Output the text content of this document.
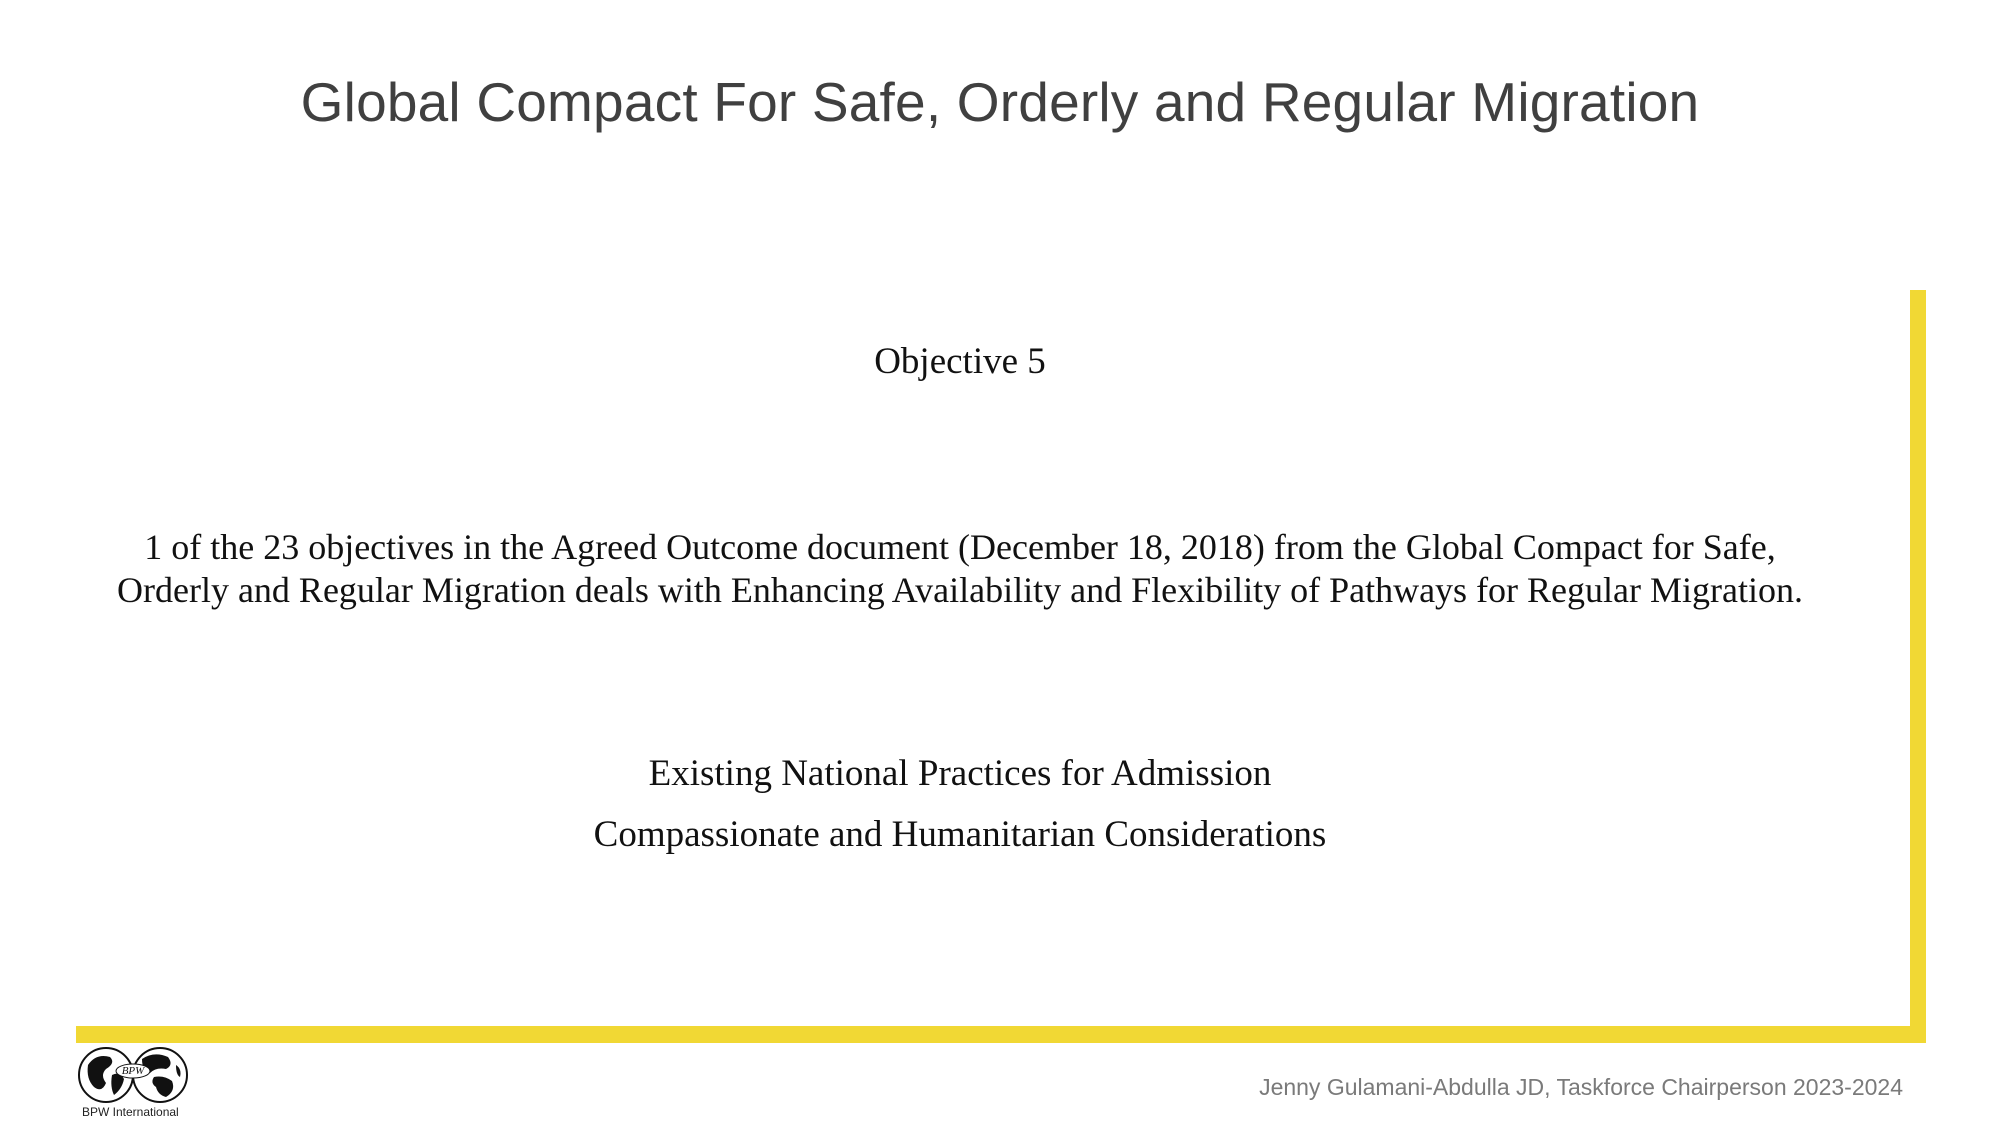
Global Compact For Safe, Orderly and Regular Migration
Objective 5
1 of the 23 objectives in the Agreed Outcome document (December 18, 2018) from the Global Compact for Safe,
Orderly and Regular Migration deals with Enhancing Availability and Flexibility of Pathways for Regular Migration.
Existing National Practices for Admission
Compassionate and Humanitarian Considerations
BPW
BPW International
Jenny Gulamani-Abdulla JD, Taskforce Chairperson 2023-2024
